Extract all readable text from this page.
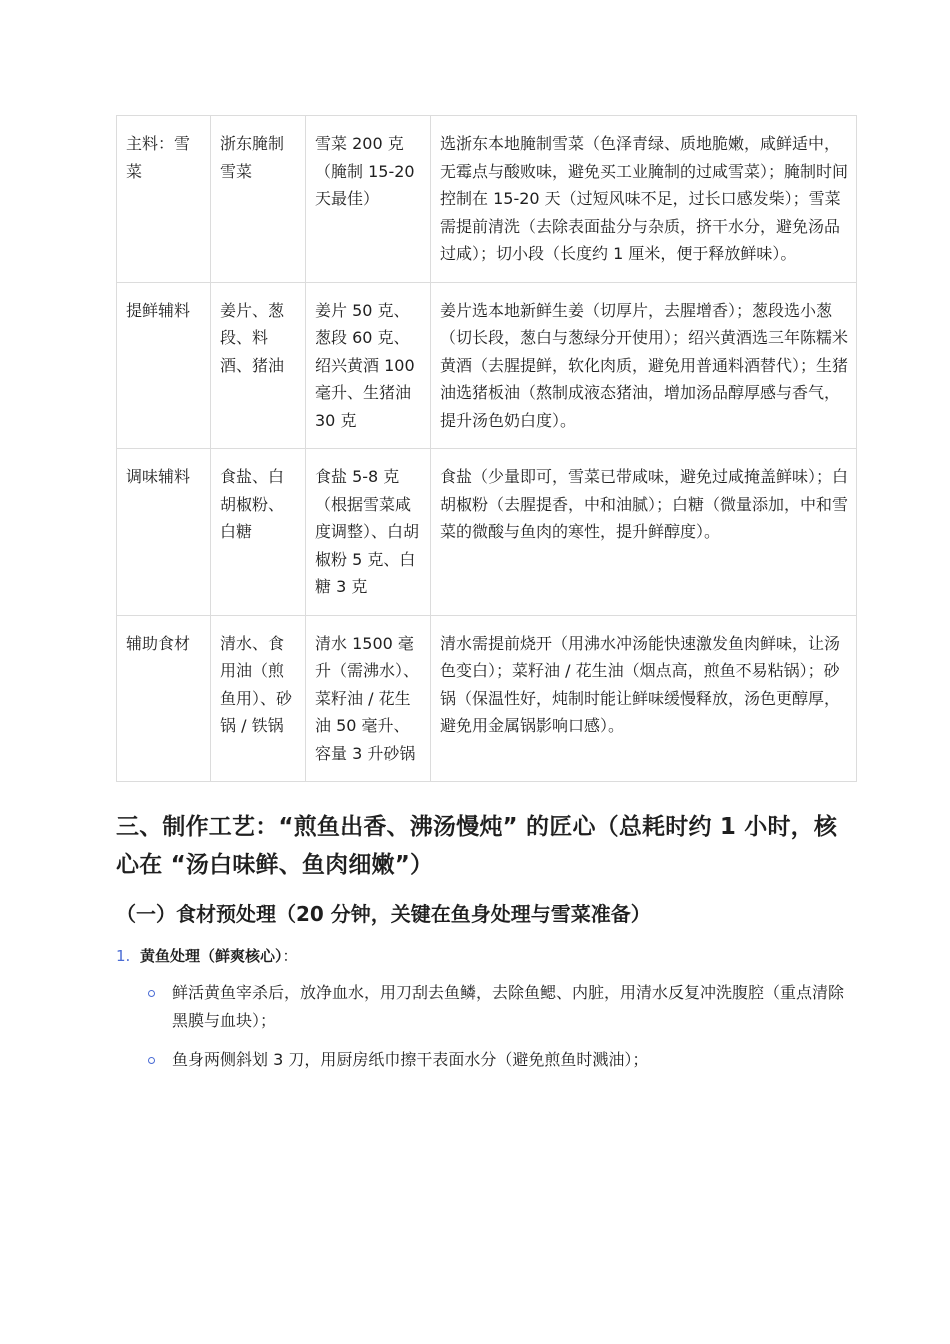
主料：雪菜	浙东腌制雪菜	雪菜 200 克（腌制 15-20 天最佳）	选浙东本地腌制雪菜（色泽青绿、质地脆嫩，咸鲜适中，无霉点与酸败味，避免买工业腌制的过咸雪菜）；腌制时间控制在 15-20 天（过短风味不足，过长口感发柴）；雪菜需提前清洗（去除表面盐分与杂质，挤干水分，避免汤品过咸）；切小段（长度约 1 厘米，便于释放鲜味）。
提鲜辅料	姜片、葱段、料酒、猪油	姜片 50 克、葱段 60 克、绍兴黄酒 100 毫升、生猪油 30 克	姜片选本地新鲜生姜（切厚片，去腥增香）；葱段选小葱（切长段，葱白与葱绿分开使用）；绍兴黄酒选三年陈糯米黄酒（去腥提鲜，软化肉质，避免用普通料酒替代）；生猪油选猪板油（熬制成液态猪油，增加汤品醇厚感与香气，提升汤色奶白度）。
调味辅料	食盐、白胡椒粉、白糖	食盐 5-8 克（根据雪菜咸度调整）、白胡椒粉 5 克、白糖 3 克	食盐（少量即可，雪菜已带咸味，避免过咸掩盖鲜味）；白胡椒粉（去腥提香，中和油腻）；白糖（微量添加，中和雪菜的微酸与鱼肉的寒性，提升鲜醇度）。
辅助食材	清水、食用油（煎鱼用）、砂锅 / 铁锅	清水 1500 毫升（需沸水）、菜籽油 / 花生油 50 毫升、容量 3 升砂锅	清水需提前烧开（用沸水冲汤能快速激发鱼肉鲜味，让汤色变白）；菜籽油 / 花生油（烟点高，煎鱼不易粘锅）；砂锅（保温性好，炖制时能让鲜味缓慢释放，汤色更醇厚，避免用金属锅影响口感）。
三、制作工艺：“煎鱼出香、沸汤慢炖” 的匠心（总耗时约 1 小时，核心在 “汤白味鲜、鱼肉细嫩”）
（一）食材预处理（20 分钟，关键在鱼身处理与雪菜准备）
1. 黄鱼处理（鲜爽核心）：
鲜活黄鱼宰杀后，放净血水，用刀刮去鱼鳞，去除鱼鳃、内脏，用清水反复冲洗腹腔（重点清除黑膜与血块）；
鱼身两侧斜划 3 刀，用厨房纸巾擦干表面水分（避免煎鱼时溅油）；
